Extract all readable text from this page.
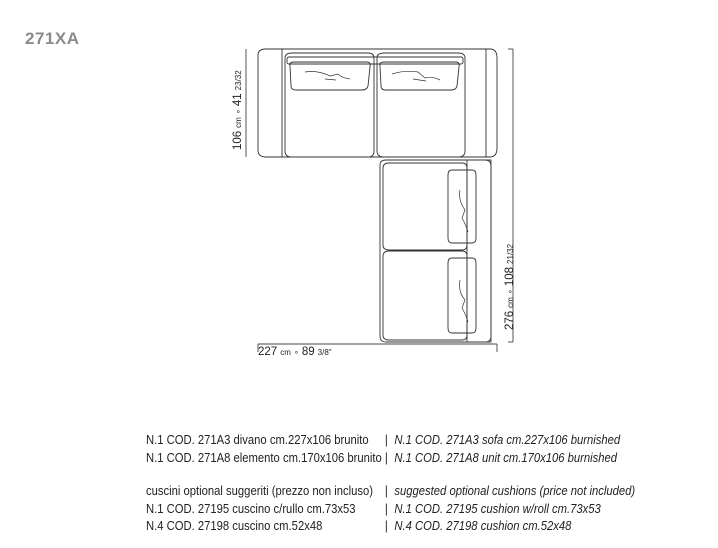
271XA
106cm∘4123/32
227 cm ∘ 89 3/8"
276cm∘10821/32
N.1 COD. 271A3 divano cm.227x106 brunito	| N.1 COD. 271A3 sofa cm.227x106 burnished
N.1 COD. 271A8 elemento cm.170x106 brunito | N.1 COD. 271A8 unit cm.170x106 burnished
cuscini optional suggeriti (prezzo non incluso) | suggested optional cushions (price not included)
N.1 COD. 27195 cuscino c/rullo cm.73x53	| N.1 COD. 27195 cushion w/roll cm.73x53
N.4 COD. 27198 cuscino cm.52x48	| N.4 COD. 27198 cushion cm.52x48
